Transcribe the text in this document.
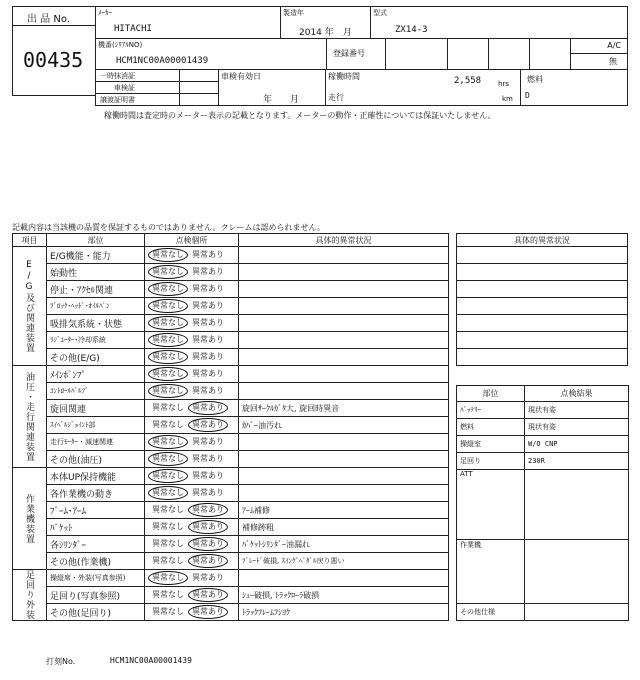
出 品 No.
00435
ﾒｰｶｰ
HITACHI
製造年
2014 年　月
型式
ZX14-3
機番(ｼﾘｱﾙNO)
HCM1NC00A00001439
登録番号
A/C
無
一時抹消証
車検証
譲渡証明書
車検有効日
年　　月
稼働時間
走行
2,558 hrs
km
燃料
D
稼働時間は査定時のメーター表示の記載となります。メーターの動作・正確性については保証いたしません。
記載内容は当該機の品質を保証するものではありません。クレームは認められません。
項目	部位	点検個所	具体的異常状況
E/G及び関連装置	E/G機能・能力	異常なし 異常あり	
	始動性	異常なし 異常あり	
	停止・ｱｸｾﾙ関連	異常なし 異常あり	
	ﾌﾞﾛｯｸ･ﾍｯﾄﾞ･ｵｲﾙﾊﾟﾝ	異常なし 異常あり	
	吸排気系統・状態	異常なし 異常あり	
	ﾗｼﾞｴｰﾀｰ･冷却系統	異常なし 異常あり	
	その他(E/G)	異常なし 異常あり	
油圧・走行関連装置	ﾒｲﾝﾎﾟﾝﾌﾟ	異常なし 異常あり	
	ｺﾝﾄﾛｰﾙﾊﾞﾙﾌﾞ	異常なし 異常あり	
	旋回関連	異常なし 異常あり	旋回ｻｰｸﾙｶﾞﾀ大, 旋回時異音
	ｽｲﾍﾞﾙｼﾞｮｲﾝﾄ部	異常なし 異常あり	ｶﾊﾞｰ油汚れ
	走行ﾓｰﾀｰ・減速関連	異常なし 異常あり	
	その他(油圧)	異常なし 異常あり	
作業機装置	本体UP保持機能	異常なし 異常あり	
	各作業機の動き	異常なし 異常あり	
	ﾌﾞｰﾑ･ｱｰﾑ	異常なし 異常あり	ｱｰﾑ補修
	ﾊﾞｹｯﾄ	異常なし 異常あり	補修跡粗
	各ｼﾘﾝﾀﾞｰ	異常なし 異常あり	ﾊﾞｹｯﾄｼﾘﾝﾀﾞｰ油漏れ
	その他(作業機)	異常なし 異常あり	ﾌﾞﾚｰﾄﾞ破損, ｽｲﾝｸﾞﾍﾟﾀﾞﾙ戻り悪い
足回り外装	操縦席・外装(写真参照)	異常なし 異常あり	
	足回り(写真参照)	異常なし 異常あり	ｼｭｰ破損, ﾄﾗｯｸﾛｰﾗ破損
	その他(足回り)	異常なし 異常あり	ﾄﾗｯｸﾌﾚｰﾑﾌｼﾖｸ
具体的異常状況

部位	点検結果
ﾊﾞｯﾃﾘｰ	現状有姿
燃料	現状有姿
操縦室	W/O CNP
足回り	230R
ATT	
作業機	
その他仕様	
打刻No.	HCM1NC00A00001439
